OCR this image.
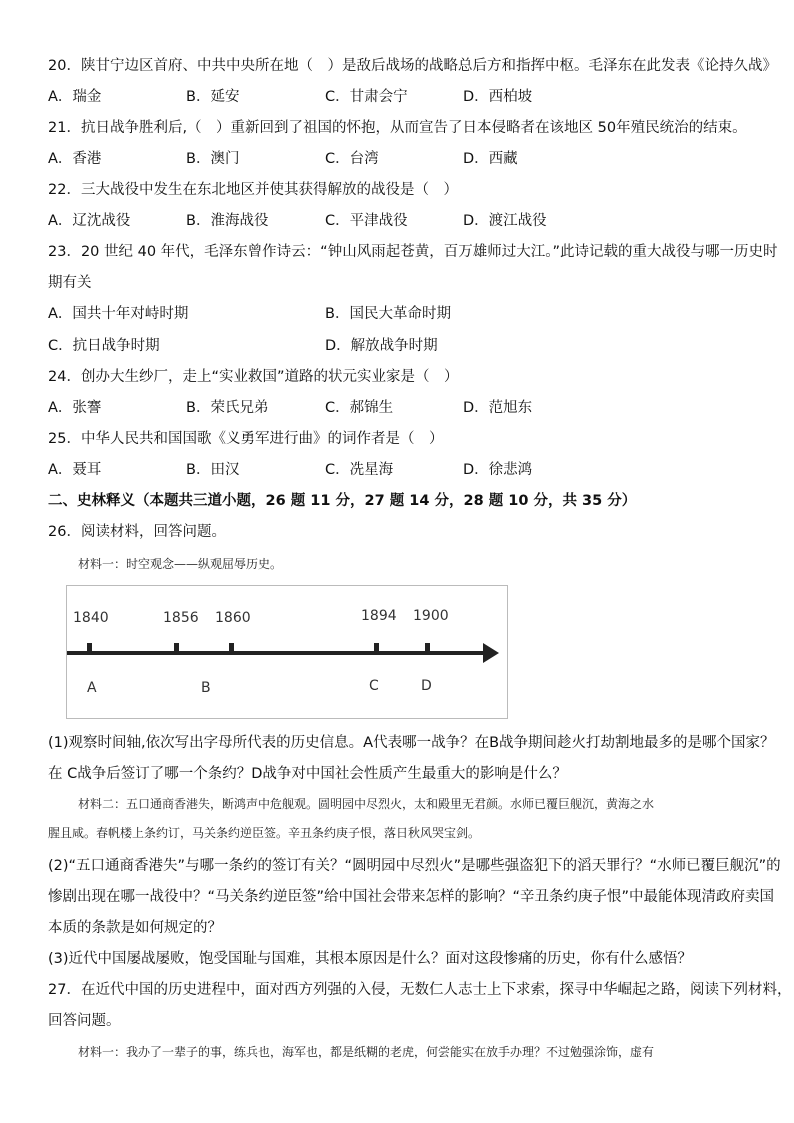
20．陕甘宁边区首府、中共中央所在地（　）是敌后战场的战略总后方和指挥中枢。毛泽东在此发表《论持久战》
A．瑞金	B．延安	C．甘肃会宁	D．西柏坡
21．抗日战争胜利后,（　）重新回到了祖国的怀抱，从而宣告了日本侵略者在该地区 50年殖民统治的结束。
A．香港	B．澳门	C．台湾	D．西藏
22．三大战役中发生在东北地区并使其获得解放的战役是（　）
A．辽沈战役	B．淮海战役	C．平津战役	D．渡江战役
23．20 世纪 40 年代，毛泽东曾作诗云：“钟山风雨起苍黄，百万雄师过大江。”此诗记载的重大战役与哪一历史时
期有关
A．国共十年对峙时期	B．国民大革命时期
C．抗日战争时期	D．解放战争时期
24．创办大生纱厂，走上“实业救国”道路的状元实业家是（　）
A．张謇	B．荣氏兄弟	C．郝锦生	D．范旭东
25．中华人民共和国国歌《义勇军进行曲》的词作者是（　）
A．聂耳	B．田汉	C．冼星海	D．徐悲鸿
二、史林释义（本题共三道小题，26 题 11 分，27 题 14 分，28 题 10 分，共 35 分）
26．阅读材料，回答问题。
材料一：时空观念——纵观屈辱历史。
1840	1856 1860	1894 1900
A	B	C	D
(1)观察时间轴,依次写出字母所代表的历史信息。A代表哪一战争？在B战争期间趁火打劫割地最多的是哪个国家？
在 C战争后签订了哪一个条约？D战争对中国社会性质产生最重大的影响是什么？
材料二：五口通商香港失，断鸿声中危舰观。圆明园中尽烈火，太和殿里无君颜。水师已覆巨舰沉，黄海之水
腥且咸。春帆楼上条约订，马关条约逆臣签。辛丑条约庚子恨，落日秋风哭宝剑。
(2)“五口通商香港失”与哪一条约的签订有关？“圆明园中尽烈火”是哪些强盗犯下的滔天罪行？“水师已覆巨舰沉”的
惨剧出现在哪一战役中？“马关条约逆臣签”给中国社会带来怎样的影响？“辛丑条约庚子恨”中最能体现清政府卖国
本质的条款是如何规定的？
(3)近代中国屡战屡败，饱受国耻与国难，其根本原因是什么？面对这段惨痛的历史，你有什么感悟？
27．在近代中国的历史进程中，面对西方列强的入侵，无数仁人志士上下求索，探寻中华崛起之路，阅读下列材料，
回答问题。
材料一：我办了一辈子的事，练兵也，海军也，都是纸糊的老虎，何尝能实在放手办理？不过勉强涂饰，虚有
